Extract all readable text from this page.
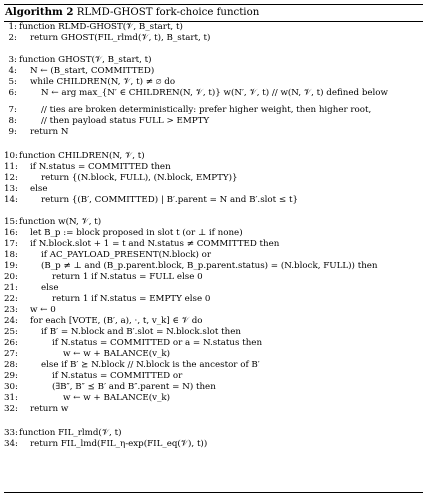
Algorithm 2 RLMD-GHOST fork-choice function
1: function RLMD-GHOST(𝒱, B_start, t)
2: return GHOST(FIL_rlmd(𝒱, t), B_start, t)
3: function GHOST(𝒱, B_start, t)
4: N ← (B_start, COMMITTED)
5: while CHILDREN(N, 𝒱, t) ≠ ∅ do
6:	N ← arg max_{N′ ∈ CHILDREN(N, 𝒱, t)} w(N′, 𝒱, t) // w(N, 𝒱, t) defined below
7:	// ties are broken deterministically: prefer higher weight, then higher root,
8:	// then payload status FULL > EMPTY
9: return N
10: function CHILDREN(N, 𝒱, t)
11: if N.status = COMMITTED then
12:	return {(N.block, FULL), (N.block, EMPTY)}
13: else
14:	return {(B′, COMMITTED) | B′.parent = N and B′.slot ≤ t}
15: function w(N, 𝒱, t)
16: let B_p := block proposed in slot t (or ⊥ if none)
17: if N.block.slot + 1 = t and N.status ≠ COMMITTED then
18:	if AC_PAYLOAD_PRESENT(N.block) or
19:	(B_p ≠ ⊥ and (B_p.parent.block, B_p.parent.status) = (N.block, FULL)) then
20:	return 1 if N.status = FULL else 0
21:	else
22:	return 1 if N.status = EMPTY else 0
23: w ← 0
24: for each [VOTE, (B′, a), ·, t, v_k] ∈ 𝒱 do
25:	if B′ = N.block and B′.slot = N.block.slot then
26:	if N.status = COMMITTED or a = N.status then
27:	w ← w + BALANCE(v_k)
28:	else if B′ ⪰ N.block // N.block is the ancestor of B′
29:	if N.status = COMMITTED or
30:	(∃B″, B″ ⪯ B′ and B″.parent = N) then
31:	w ← w + BALANCE(v_k)
32: return w
33: function FIL_rlmd(𝒱, t)
34: return FIL_lmd(FIL_η-exp(FIL_eq(𝒱), t))
